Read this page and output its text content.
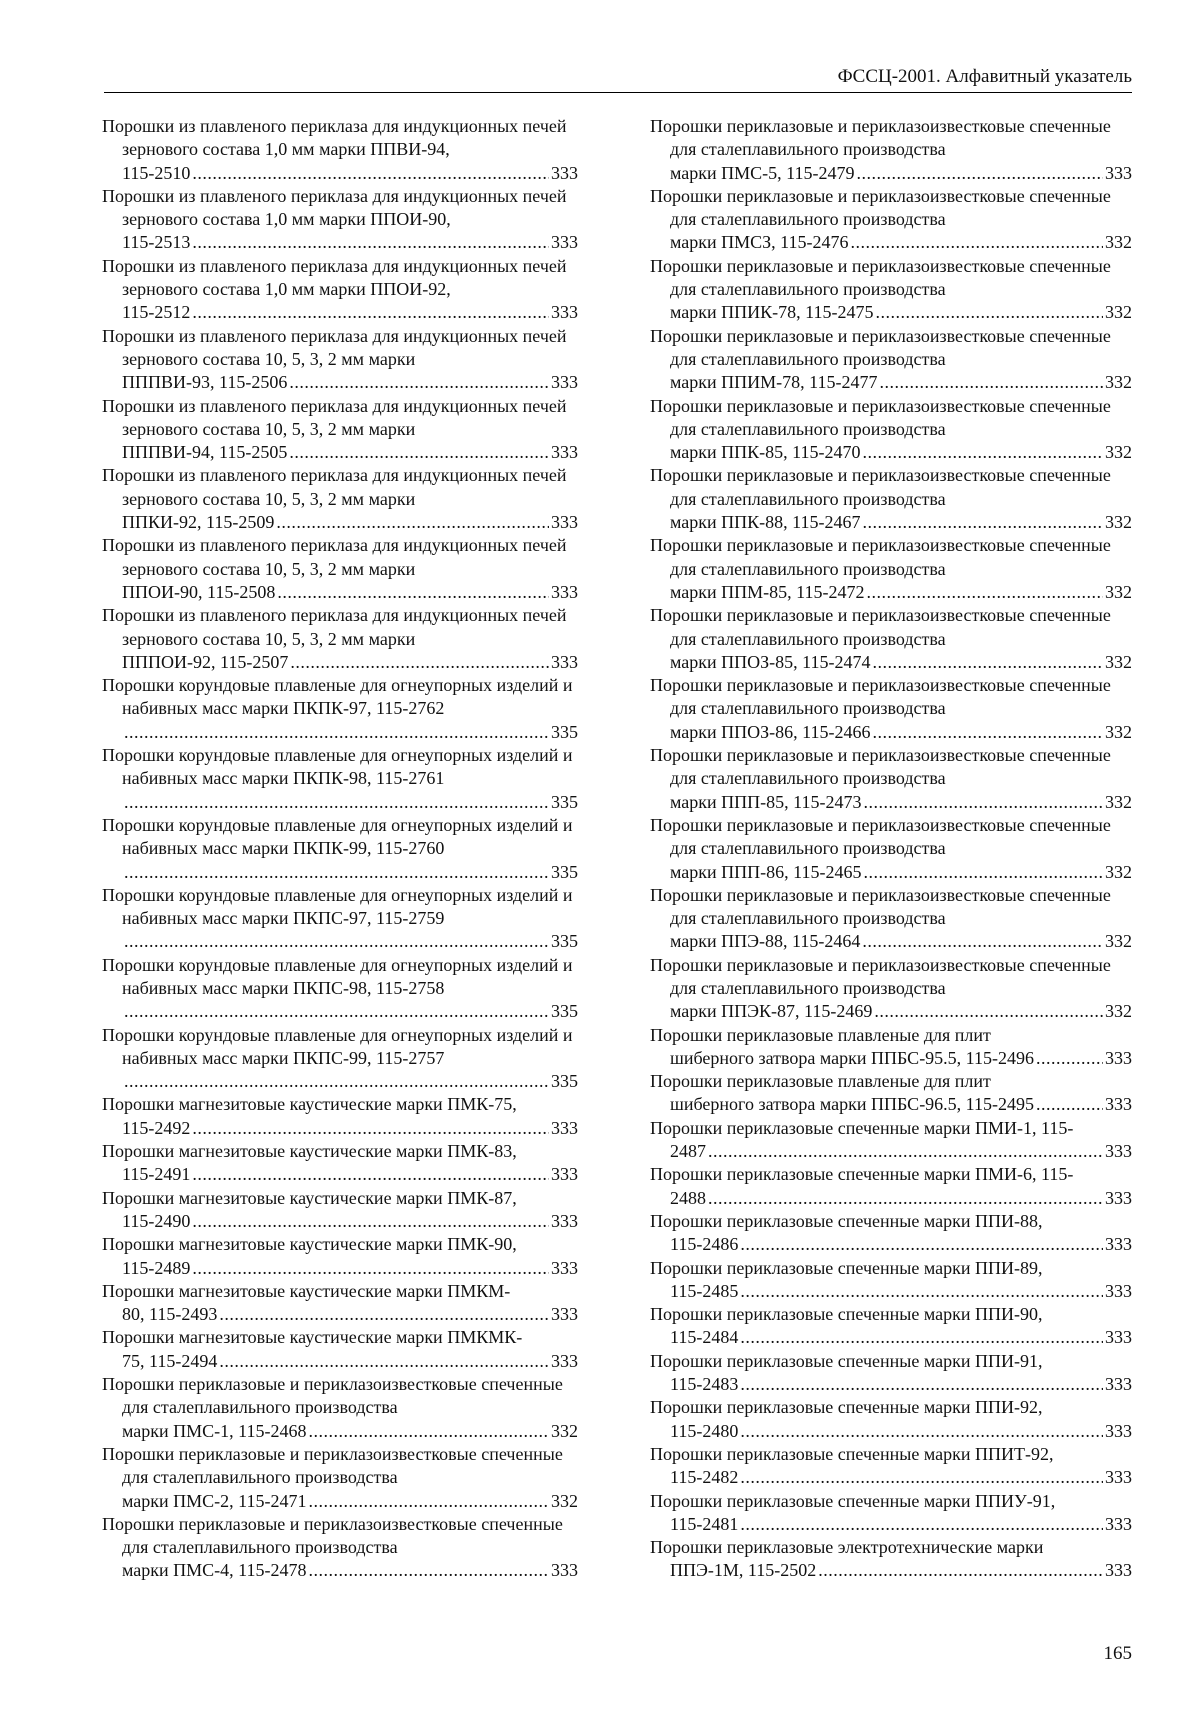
ФССЦ-2001. Алфавитный указатель
Порошки из плавленого периклаза для индукционных печей зернового состава 1,0 мм марки ППВИ-94,
115-2510 .....	333
Порошки из плавленого периклаза для индукционных печей зернового состава 1,0 мм марки ППОИ-90,
115-2513 .....	333
Порошки из плавленого периклаза для индукционных печей зернового состава 1,0 мм марки ППОИ-92,
115-2512 .....	333
Порошки из плавленого периклаза для индукционных печей зернового состава 10, 5, 3, 2 мм марки
ПППВИ-93, 115-2506 .....	333
Порошки из плавленого периклаза для индукционных печей зернового состава 10, 5, 3, 2 мм марки
ПППВИ-94, 115-2505 .....	333
Порошки из плавленого периклаза для индукционных печей зернового состава 10, 5, 3, 2 мм марки
ППКИ-92, 115-2509 .....	333
Порошки из плавленого периклаза для индукционных печей зернового состава 10, 5, 3, 2 мм марки
ППОИ-90, 115-2508 .....	333
Порошки из плавленого периклаза для индукционных печей зернового состава 10, 5, 3, 2 мм марки
ПППОИ-92, 115-2507 .....	333
Порошки корундовые плавленые для огнеупорных изделий и набивных масс марки ПКПК-97, 115-2762
.....
335
Порошки корундовые плавленые для огнеупорных изделий и набивных масс марки ПКПК-98, 115-2761
.....
335
Порошки корундовые плавленые для огнеупорных изделий и набивных масс марки ПКПК-99, 115-2760
.....
335
Порошки корундовые плавленые для огнеупорных изделий и набивных масс марки ПКПС-97, 115-2759
.....
335
Порошки корундовые плавленые для огнеупорных изделий и набивных масс марки ПКПС-98, 115-2758
.....
335
Порошки корундовые плавленые для огнеупорных изделий и набивных масс марки ПКПС-99, 115-2757
.....
335
Порошки магнезитовые каустические марки ПМК-75,
115-2492 .....	333
Порошки магнезитовые каустические марки ПМК-83,
115-2491 .....	333
Порошки магнезитовые каустические марки ПМК-87,
115-2490 .....	333
Порошки магнезитовые каустические марки ПМК-90,
115-2489 .....	333
Порошки магнезитовые каустические марки ПМКМ-
80, 115-2493 .....	333
Порошки магнезитовые каустические марки ПМКМК-
75, 115-2494 .....	333
Порошки периклазовые и периклазоизвестковые спеченные для сталеплавильного производства
марки ПМС-1, 115-2468 .....	332
Порошки периклазовые и периклазоизвестковые спеченные для сталеплавильного производства
марки ПМС-2, 115-2471 .....	332
Порошки периклазовые и периклазоизвестковые спеченные для сталеплавильного производства
марки ПМС-4, 115-2478 .....	333
Порошки периклазовые и периклазоизвестковые спеченные для сталеплавильного производства
марки ПМС-5, 115-2479 .....	333
Порошки периклазовые и периклазоизвестковые спеченные для сталеплавильного производства
марки ПМСЗ, 115-2476 .....	332
Порошки периклазовые и периклазоизвестковые спеченные для сталеплавильного производства
марки ППИК-78, 115-2475 .....	332
Порошки периклазовые и периклазоизвестковые спеченные для сталеплавильного производства
марки ППИМ-78, 115-2477 .....	332
Порошки периклазовые и периклазоизвестковые спеченные для сталеплавильного производства
марки ППК-85, 115-2470 .....	332
Порошки периклазовые и периклазоизвестковые спеченные для сталеплавильного производства
марки ППК-88, 115-2467 .....	332
Порошки периклазовые и периклазоизвестковые спеченные для сталеплавильного производства
марки ППМ-85, 115-2472 .....	332
Порошки периклазовые и периклазоизвестковые спеченные для сталеплавильного производства
марки ППОЗ-85, 115-2474 .....	332
Порошки периклазовые и периклазоизвестковые спеченные для сталеплавильного производства
марки ППОЗ-86, 115-2466 .....	332
Порошки периклазовые и периклазоизвестковые спеченные для сталеплавильного производства
марки ППП-85, 115-2473 .....	332
Порошки периклазовые и периклазоизвестковые спеченные для сталеплавильного производства
марки ППП-86, 115-2465 .....	332
Порошки периклазовые и периклазоизвестковые спеченные для сталеплавильного производства
марки ППЭ-88, 115-2464 .....	332
Порошки периклазовые и периклазоизвестковые спеченные для сталеплавильного производства
марки ППЭК-87, 115-2469 .....	332
Порошки периклазовые плавленые для плит
шиберного затвора марки ППБС-95.5, 115-2496 .....	333
Порошки периклазовые плавленые для плит
шиберного затвора марки ППБС-96.5, 115-2495 .....	333
Порошки периклазовые спеченные марки ПМИ-1, 115-
2487 .....	333
Порошки периклазовые спеченные марки ПМИ-6, 115-
2488 .....	333
Порошки периклазовые спеченные марки ППИ-88,
115-2486 .....	333
Порошки периклазовые спеченные марки ППИ-89,
115-2485 .....	333
Порошки периклазовые спеченные марки ППИ-90,
115-2484 .....	333
Порошки периклазовые спеченные марки ППИ-91,
115-2483 .....	333
Порошки периклазовые спеченные марки ППИ-92,
115-2480 .....	333
Порошки периклазовые спеченные марки ППИТ-92,
115-2482 .....	333
Порошки периклазовые спеченные марки ППИУ-91,
115-2481 .....	333
Порошки периклазовые электротехнические марки
ППЭ-1М, 115-2502 .....	333
165
